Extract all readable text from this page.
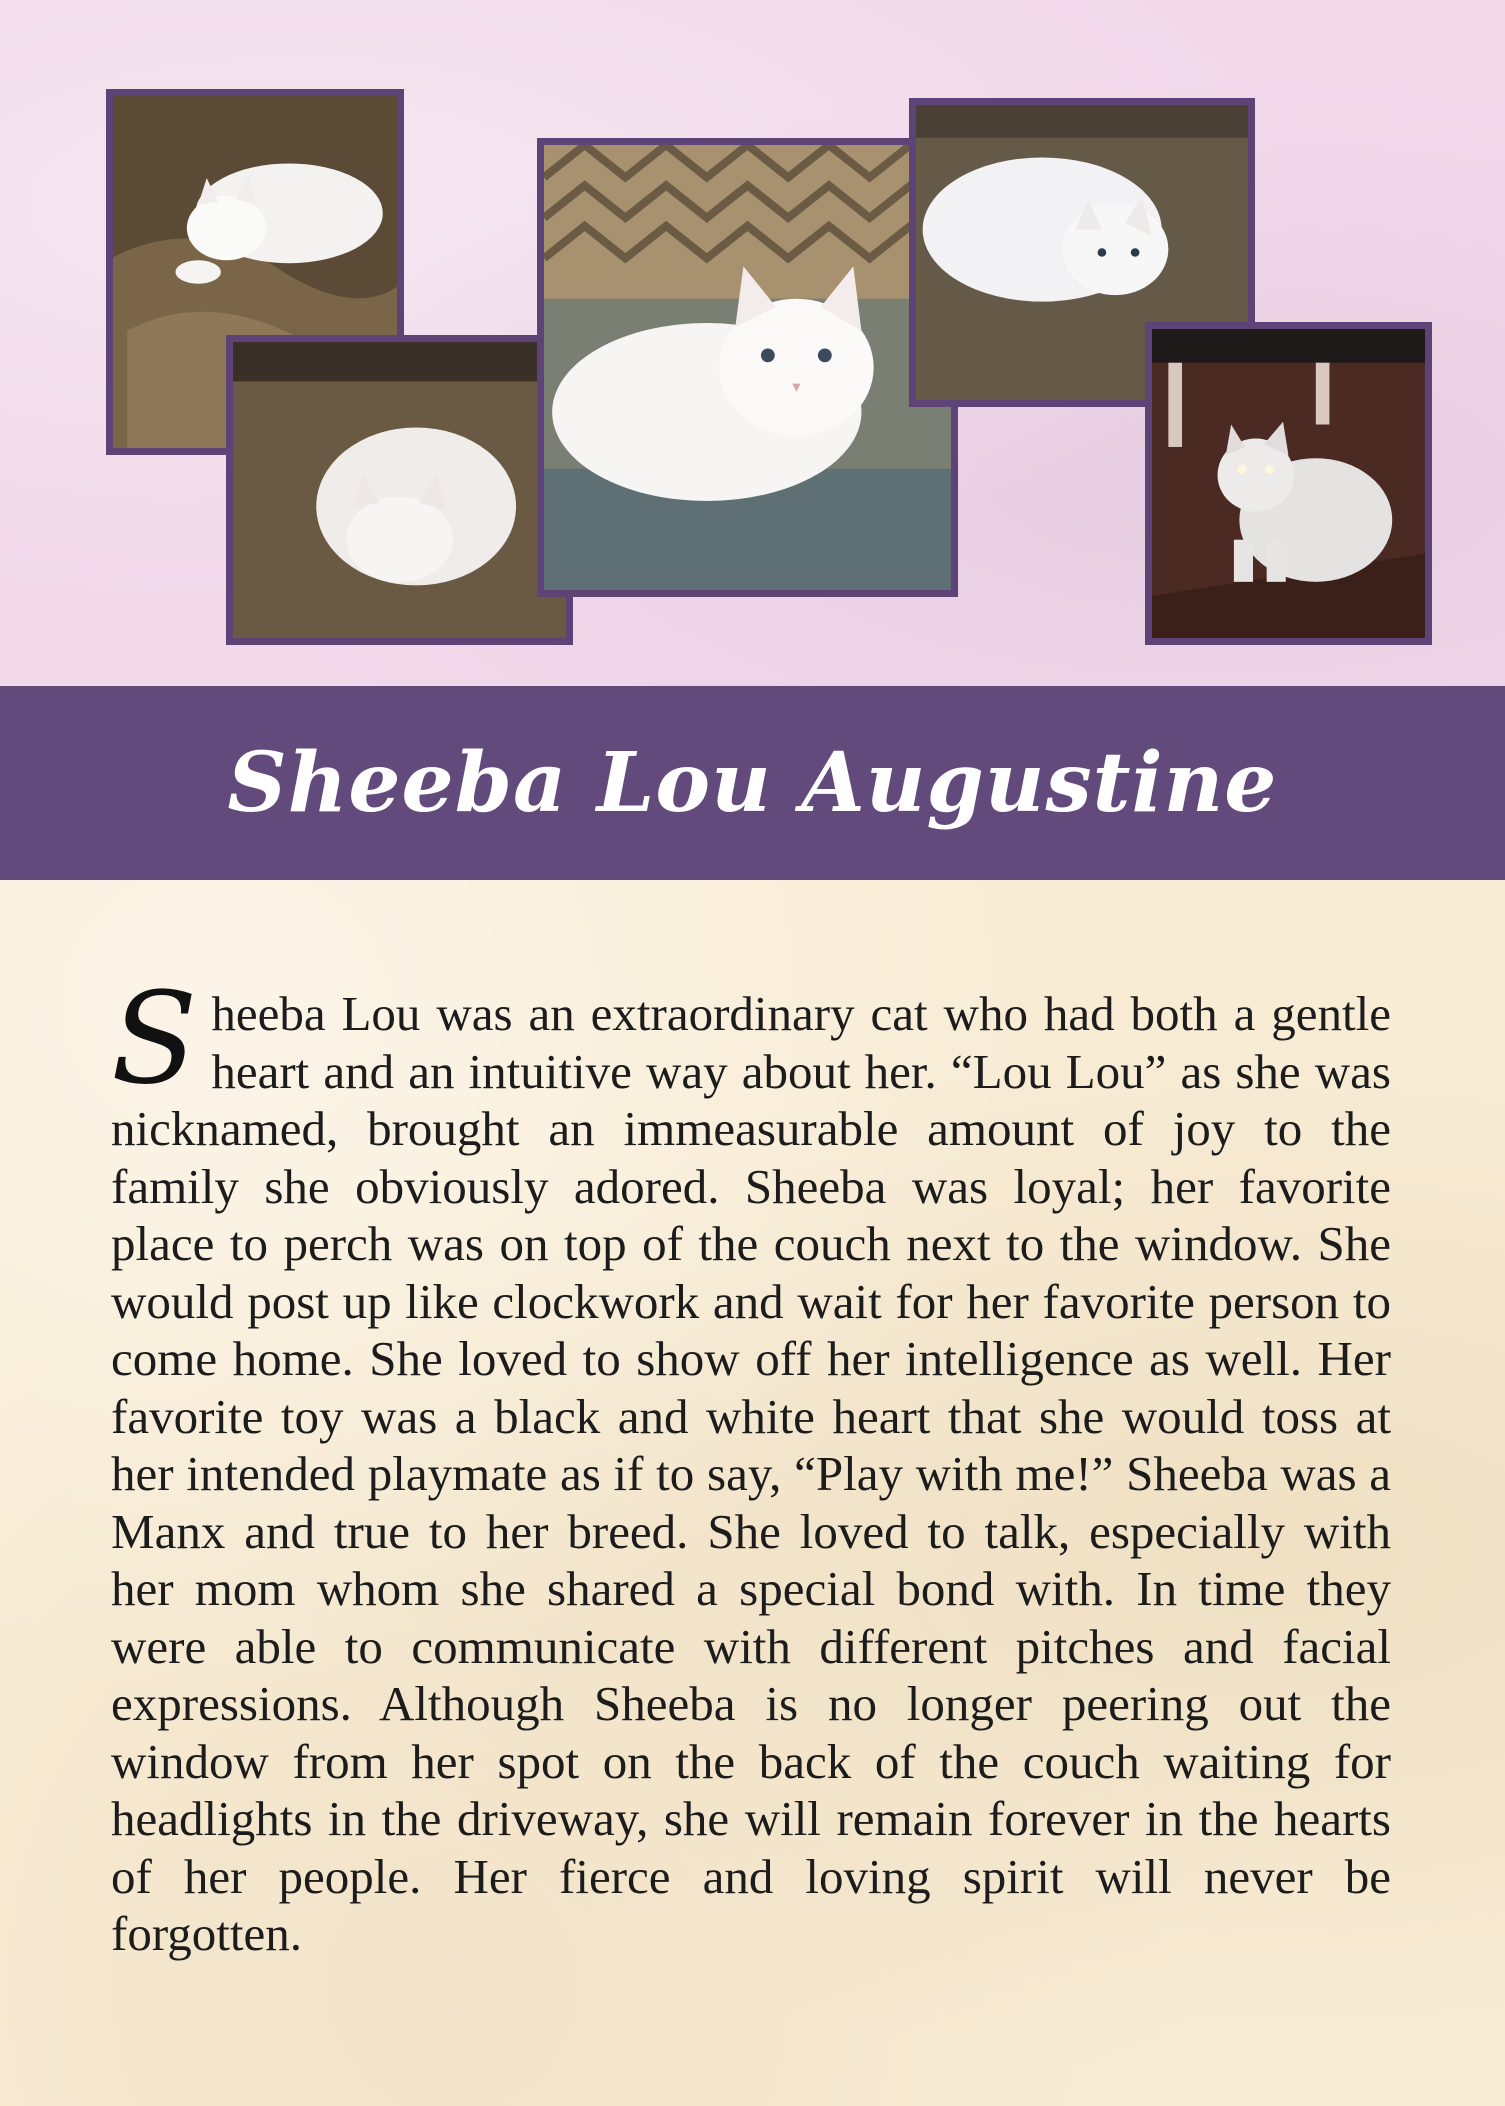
Sheeba Lou Augustine
S heeba Lou was an extraordinary cat who had both a gentle heart and an intuitive way about her. “Lou Lou” as she was nicknamed, brought an immeasurable amount of joy to the family she obviously adored. Sheeba was loyal; her favorite place to perch was on top of the couch next to the window. She would post up like clockwork and wait for her favorite person to come home. She loved to show off her intelligence as well. Her favorite toy was a black and white heart that she would toss at her intended playmate as if to say, “Play with me!” Sheeba was a Manx and true to her breed. She loved to talk, especially with her mom whom she shared a special bond with. In time they were able to communicate with different pitches and facial expressions. Although Sheeba is no longer peering out the window from her spot on the back of the couch waiting for headlights in the driveway, she will remain forever in the hearts of her people. Her fierce and loving spirit will never be forgotten.
